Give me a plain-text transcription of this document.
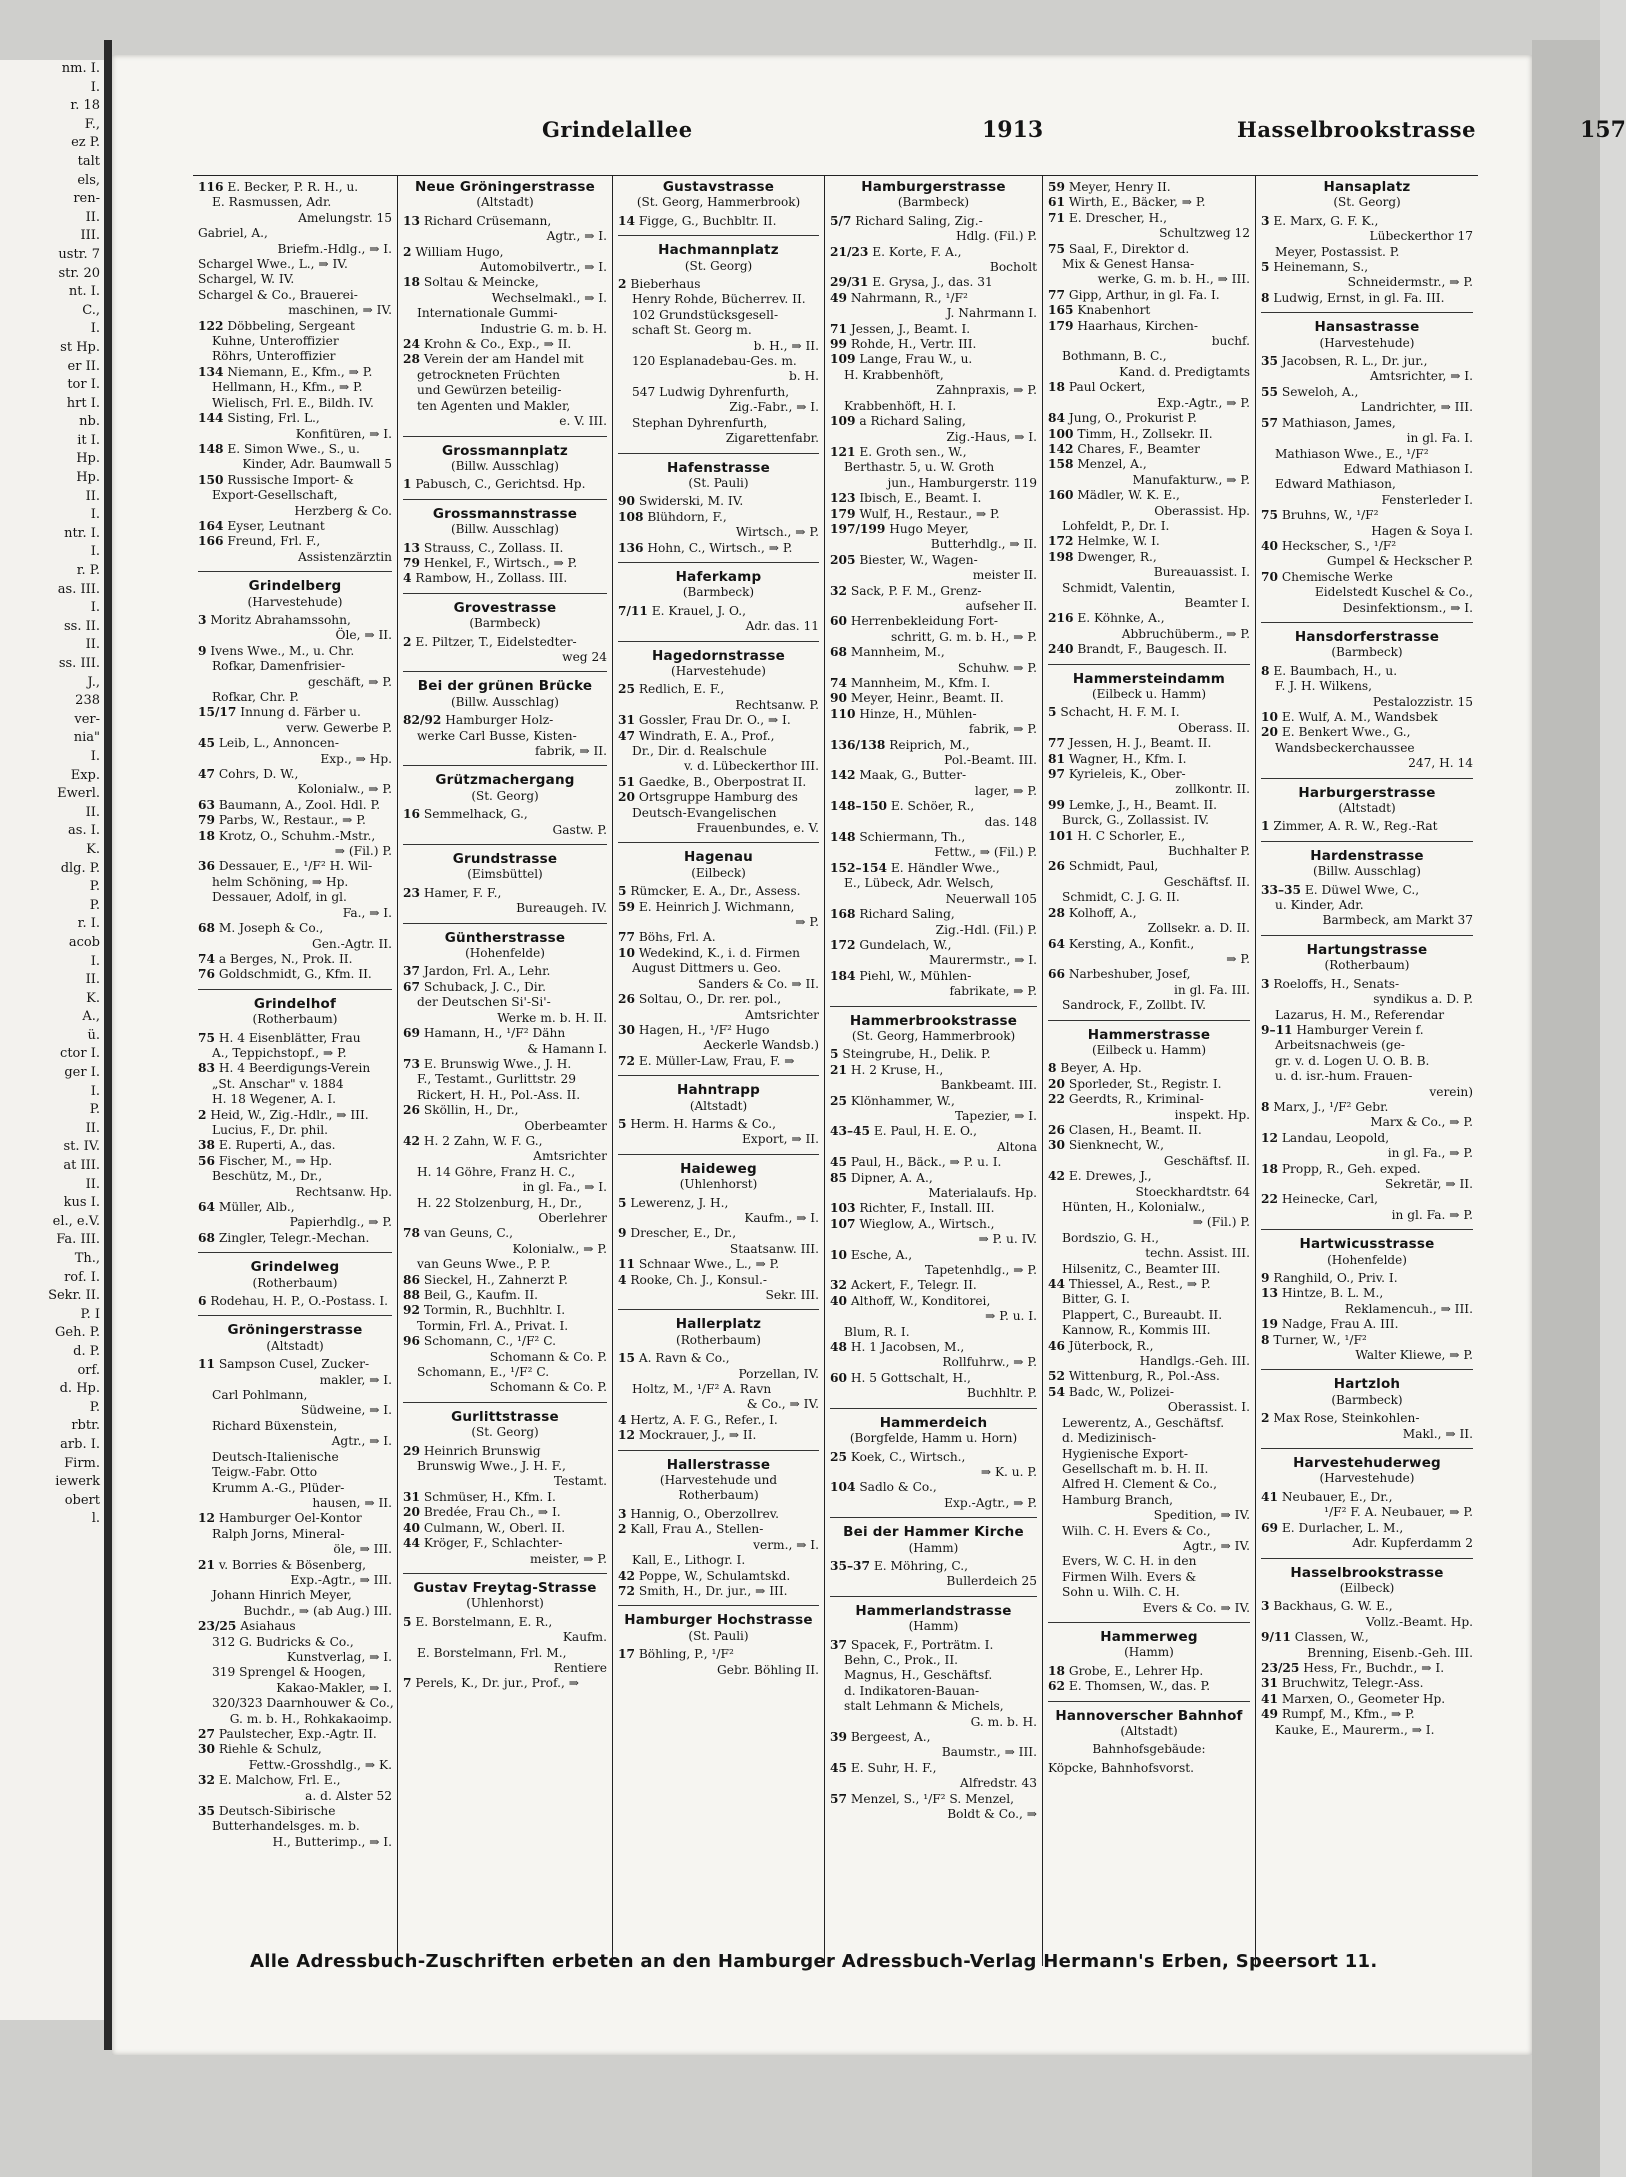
nm. I.
I.
r. 18
F.,
ez P.
talt
els,
ren-
II.
III.
ustr. 7
str. 20
nt. I.
C.,
I.
st Hp.
er II.
tor I.
hrt I.
nb.
it I.
Hp.
Hp.
II.
I.
ntr. I.
I.
r. P.
as. III.
I.
ss. II.
II.
ss. III.
J.,
238
ver-
nia"
I.
Exp.
Ewerl.
II.
as. I.
K.
dlg. P.
P.
P.
r. I.
acob
I.
II.
K.
A.,
ü.
ctor I.
ger I.
I.
P.
II.
st. IV.
at III.
II.
kus I.
el., e.V.
Fa. III.
Th.,
rof. I.
Sekr. II.
P. I
Geh. P.
d. P.
orf.
d. Hp.
P.
rbtr.
arb. I.
Firm.
iewerk
obert
l.
Grindelallee	1913	Hasselbrookstrasse	157
116 E. Becker, P. R. H., u.
E. Rasmussen, Adr.
Amelungstr. 15
Gabriel, A.,
Briefm.-Hdlg., ⇒ I.
Schargel Wwe., L., ⇒ IV.
Schargel, W. IV.
Schargel & Co., Brauerei-
maschinen, ⇒ IV.
122 Döbbeling, Sergeant
Kuhne, Unteroffizier
Röhrs, Unteroffizier
134 Niemann, E., Kfm., ⇒ P.
Hellmann, H., Kfm., ⇒ P.
Wielisch, Frl. E., Bildh. IV.
144 Sisting, Frl. L.,
Konfitüren, ⇒ I.
148 E. Simon Wwe., S., u.
Kinder, Adr. Baumwall 5
150 Russische Import- &
Export-Gesellschaft,
Herzberg & Co.
164 Eyser, Leutnant
166 Freund, Frl. F.,
Assistenzärztin
Grindelberg
(Harvestehude)
3 Moritz Abrahamssohn,
Öle, ⇒ II.
9 Ivens Wwe., M., u. Chr.
Rofkar, Damenfrisier-
geschäft, ⇒ P.
Rofkar, Chr. P.
15/17 Innung d. Färber u.
verw. Gewerbe P.
45 Leib, L., Annoncen-
Exp., ⇒ Hp.
47 Cohrs, D. W.,
Kolonialw., ⇒ P.
63 Baumann, A., Zool. Hdl. P.
79 Parbs, W., Restaur., ⇒ P.
18 Krotz, O., Schuhm.-Mstr.,
⇒ (Fil.) P.
36 Dessauer, E., ¹/F² H. Wil-
helm Schöning, ⇒ Hp.
Dessauer, Adolf, in gl.
Fa., ⇒ I.
68 M. Joseph & Co.,
Gen.-Agtr. II.
74 a Berges, N., Prok. II.
76 Goldschmidt, G., Kfm. II.
Grindelhof
(Rotherbaum)
75 H. 4 Eisenblätter, Frau
A., Teppichstopf., ⇒ P.
83 H. 4 Beerdigungs-Verein
„St. Anschar" v. 1884
H. 18 Wegener, A. I.
2 Heid, W., Zig.-Hdlr., ⇒ III.
Lucius, F., Dr. phil.
38 E. Ruperti, A., das.
56 Fischer, M., ⇒ Hp.
Beschütz, M., Dr.,
Rechtsanw. Hp.
64 Müller, Alb.,
Papierhdlg., ⇒ P.
68 Zingler, Telegr.-Mechan.
Grindelweg
(Rotherbaum)
6 Rodehau, H. P., O.-Postass. I.
Gröningerstrasse
(Altstadt)
11 Sampson Cusel, Zucker-
makler, ⇒ I.
Carl Pohlmann,
Südweine, ⇒ I.
Richard Büxenstein,
Agtr., ⇒ I.
Deutsch-Italienische
Teigw.-Fabr. Otto
Krumm A.-G., Plüder-
hausen, ⇒ II.
12 Hamburger Oel-Kontor
Ralph Jorns, Mineral-
öle, ⇒ III.
21 v. Borries & Bösenberg,
Exp.-Agtr., ⇒ III.
Johann Hinrich Meyer,
Buchdr., ⇒ (ab Aug.) III.
23/25 Asiahaus
312 G. Budricks & Co.,
Kunstverlag, ⇒ I.
319 Sprengel & Hoogen,
Kakao-Makler, ⇒ I.
320/323 Daarnhouwer & Co.,
G. m. b. H., Rohkakaoimp.
27 Paulstecher, Exp.-Agtr. II.
30 Riehle & Schulz,
Fettw.-Grosshdlg., ⇒ K.
32 E. Malchow, Frl. E.,
a. d. Alster 52
35 Deutsch-Sibirische
Butterhandelsges. m. b.
H., Butterimp., ⇒ I.
Neue Gröningerstrasse
(Altstadt)
13 Richard Crüsemann,
Agtr., ⇒ I.
2 William Hugo,
Automobilvertr., ⇒ I.
18 Soltau & Meincke,
Wechselmakl., ⇒ I.
Internationale Gummi-
Industrie G. m. b. H.
24 Krohn & Co., Exp., ⇒ II.
28 Verein der am Handel mit
getrockneten Früchten
und Gewürzen beteilig-
ten Agenten und Makler,
e. V. III.
Grossmannplatz
(Billw. Ausschlag)
1 Pabusch, C., Gerichtsd. Hp.
Grossmannstrasse
(Billw. Ausschlag)
13 Strauss, C., Zollass. II.
79 Henkel, F., Wirtsch., ⇒ P.
4 Rambow, H., Zollass. III.
Grovestrasse
(Barmbeck)
2 E. Piltzer, T., Eidelstedter-
weg 24
Bei der grünen Brücke
(Billw. Ausschlag)
82/92 Hamburger Holz-
werke Carl Busse, Kisten-
fabrik, ⇒ II.
Grützmachergang
(St. Georg)
16 Semmelhack, G.,
Gastw. P.
Grundstrasse
(Eimsbüttel)
23 Hamer, F. F.,
Bureaugeh. IV.
Güntherstrasse
(Hohenfelde)
37 Jardon, Frl. A., Lehr.
67 Schuback, J. C., Dir.
der Deutschen Si'-Si'-
Werke m. b. H. II.
69 Hamann, H., ¹/F² Dähn
& Hamann I.
73 E. Brunswig Wwe., J. H.
F., Testamt., Gurlittstr. 29
Rickert, H. H., Pol.-Ass. II.
26 Sköllin, H., Dr.,
Oberbeamter
42 H. 2 Zahn, W. F. G.,
Amtsrichter
H. 14 Göhre, Franz H. C.,
in gl. Fa., ⇒ I.
H. 22 Stolzenburg, H., Dr.,
Oberlehrer
78 van Geuns, C.,
Kolonialw., ⇒ P.
van Geuns Wwe., P. P.
86 Sieckel, H., Zahnerzt P.
88 Beil, G., Kaufm. II.
92 Tormin, R., Buchhltr. I.
Tormin, Frl. A., Privat. I.
96 Schomann, C., ¹/F² C.
Schomann & Co. P.
Schomann, E., ¹/F² C.
Schomann & Co. P.
Gurlittstrasse
(St. Georg)
29 Heinrich Brunswig
Brunswig Wwe., J. H. F.,
Testamt.
31 Schmüser, H., Kfm. I.
20 Bredée, Frau Ch., ⇒ I.
40 Culmann, W., Oberl. II.
44 Kröger, F., Schlachter-
meister, ⇒ P.
Gustav Freytag-Strasse
(Uhlenhorst)
5 E. Borstelmann, E. R.,
Kaufm.
E. Borstelmann, Frl. M.,
Rentiere
7 Perels, K., Dr. jur., Prof., ⇒
Gustavstrasse
(St. Georg, Hammerbrook)
14 Figge, G., Buchbltr. II.
Hachmannplatz
(St. Georg)
2 Bieberhaus
Henry Rohde, Bücherrev. II.
102 Grundstücksgesell-
schaft St. Georg m.
b. H., ⇒ II.
120 Esplanadebau-Ges. m.
b. H.
547 Ludwig Dyhrenfurth,
Zig.-Fabr., ⇒ I.
Stephan Dyhrenfurth,
Zigarettenfabr.
Hafenstrasse
(St. Pauli)
90 Swiderski, M. IV.
108 Blühdorn, F.,
Wirtsch., ⇒ P.
136 Hohn, C., Wirtsch., ⇒ P.
Haferkamp
(Barmbeck)
7/11 E. Krauel, J. O.,
Adr. das. 11
Hagedornstrasse
(Harvestehude)
25 Redlich, E. F.,
Rechtsanw. P.
31 Gossler, Frau Dr. O., ⇒ I.
47 Windrath, E. A., Prof.,
Dr., Dir. d. Realschule
v. d. Lübeckerthor III.
51 Gaedke, B., Oberpostrat II.
20 Ortsgruppe Hamburg des
Deutsch-Evangelischen
Frauenbundes, e. V.
Hagenau
(Eilbeck)
5 Rümcker, E. A., Dr., Assess.
59 E. Heinrich J. Wichmann,
⇒ P.
77 Böhs, Frl. A.
10 Wedekind, K., i. d. Firmen
August Dittmers u. Geo.
Sanders & Co. ⇒ II.
26 Soltau, O., Dr. rer. pol.,
Amtsrichter
30 Hagen, H., ¹/F² Hugo
Aeckerle Wandsb.)
72 E. Müller-Law, Frau, F. ⇒
Hahntrapp
(Altstadt)
5 Herm. H. Harms & Co.,
Export, ⇒ II.
Haideweg
(Uhlenhorst)
5 Lewerenz, J. H.,
Kaufm., ⇒ I.
9 Drescher, E., Dr.,
Staatsanw. III.
11 Schnaar Wwe., L., ⇒ P.
4 Rooke, Ch. J., Konsul.-
Sekr. III.
Hallerplatz
(Rotherbaum)
15 A. Ravn & Co.,
Porzellan, IV.
Holtz, M., ¹/F² A. Ravn
& Co., ⇒ IV.
4 Hertz, A. F. G., Refer., I.
12 Mockrauer, J., ⇒ II.
Hallerstrasse
(Harvestehude und Rotherbaum)
3 Hannig, O., Oberzollrev.
2 Kall, Frau A., Stellen-
verm., ⇒ I.
Kall, E., Lithogr. I.
42 Poppe, W., Schulamtskd.
72 Smith, H., Dr. jur., ⇒ III.
Hamburger Hochstrasse
(St. Pauli)
17 Böhling, P., ¹/F²
Gebr. Böhling II.
Hamburgerstrasse
(Barmbeck)
5/7 Richard Saling, Zig.-
Hdlg. (Fil.) P.
21/23 E. Korte, F. A.,
Bocholt
29/31 E. Grysa, J., das. 31
49 Nahrmann, R., ¹/F²
J. Nahrmann I.
71 Jessen, J., Beamt. I.
99 Rohde, H., Vertr. III.
109 Lange, Frau W., u.
H. Krabbenhöft,
Zahnpraxis, ⇒ P.
Krabbenhöft, H. I.
109 a Richard Saling,
Zig.-Haus, ⇒ I.
121 E. Groth sen., W.,
Berthastr. 5, u. W. Groth
jun., Hamburgerstr. 119
123 Ibisch, E., Beamt. I.
179 Wulf, H., Restaur., ⇒ P.
197/199 Hugo Meyer,
Butterhdlg., ⇒ II.
205 Biester, W., Wagen-
meister II.
32 Sack, P. F. M., Grenz-
aufseher II.
60 Herrenbekleidung Fort-
schritt, G. m. b. H., ⇒ P.
68 Mannheim, M.,
Schuhw. ⇒ P.
74 Mannheim, M., Kfm. I.
90 Meyer, Heinr., Beamt. II.
110 Hinze, H., Mühlen-
fabrik, ⇒ P.
136/138 Reiprich, M.,
Pol.-Beamt. III.
142 Maak, G., Butter-
lager, ⇒ P.
148–150 E. Schöer, R.,
das. 148
148 Schiermann, Th.,
Fettw., ⇒ (Fil.) P.
152–154 E. Händler Wwe.,
E., Lübeck, Adr. Welsch,
Neuerwall 105
168 Richard Saling,
Zig.-Hdl. (Fil.) P.
172 Gundelach, W.,
Maurermstr., ⇒ I.
184 Piehl, W., Mühlen-
fabrikate, ⇒ P.
Hammerbrookstrasse
(St. Georg, Hammerbrook)
5 Steingrube, H., Delik. P.
21 H. 2 Kruse, H.,
Bankbeamt. III.
25 Klönhammer, W.,
Tapezier, ⇒ I.
43–45 E. Paul, H. E. O.,
Altona
45 Paul, H., Bäck., ⇒ P. u. I.
85 Dipner, A. A.,
Materialaufs. Hp.
103 Richter, F., Install. III.
107 Wieglow, A., Wirtsch.,
⇒ P. u. IV.
10 Esche, A.,
Tapetenhdlg., ⇒ P.
32 Ackert, F., Telegr. II.
40 Althoff, W., Konditorei,
⇒ P. u. I.
Blum, R. I.
48 H. 1 Jacobsen, M.,
Rollfuhrw., ⇒ P.
60 H. 5 Gottschalt, H.,
Buchhltr. P.
Hammerdeich
(Borgfelde, Hamm u. Horn)
25 Koek, C., Wirtsch.,
⇒ K. u. P.
104 Sadlo & Co.,
Exp.-Agtr., ⇒ P.
Bei der Hammer Kirche
(Hamm)
35–37 E. Möhring, C.,
Bullerdeich 25
Hammerlandstrasse
(Hamm)
37 Spacek, F., Porträtm. I.
Behn, C., Prok., II.
Magnus, H., Geschäftsf.
d. Indikatoren-Bauan-
stalt Lehmann & Michels,
G. m. b. H.
39 Bergeest, A.,
Baumstr., ⇒ III.
45 E. Suhr, H. F.,
Alfredstr. 43
57 Menzel, S., ¹/F² S. Menzel,
Boldt & Co., ⇒
59 Meyer, Henry II.
61 Wirth, E., Bäcker, ⇒ P.
71 E. Drescher, H.,
Schultzweg 12
75 Saal, F., Direktor d.
Mix & Genest Hansa-
werke, G. m. b. H., ⇒ III.
77 Gipp, Arthur, in gl. Fa. I.
165 Knabenhort
179 Haarhaus, Kirchen-
buchf.
Bothmann, B. C.,
Kand. d. Predigtamts
18 Paul Ockert,
Exp.-Agtr., ⇒ P.
84 Jung, O., Prokurist P.
100 Timm, H., Zollsekr. II.
142 Chares, F., Beamter
158 Menzel, A.,
Manufakturw., ⇒ P.
160 Mädler, W. K. E.,
Oberassist. Hp.
Lohfeldt, P., Dr. I.
172 Helmke, W. I.
198 Dwenger, R.,
Bureauassist. I.
Schmidt, Valentin,
Beamter I.
216 E. Köhnke, A.,
Abbruchüberm., ⇒ P.
240 Brandt, F., Baugesch. II.
Hammersteindamm
(Eilbeck u. Hamm)
5 Schacht, H. F. M. I.
Oberass. II.
77 Jessen, H. J., Beamt. II.
81 Wagner, H., Kfm. I.
97 Kyrieleis, K., Ober-
zollkontr. II.
99 Lemke, J., H., Beamt. II.
Burck, G., Zollassist. IV.
101 H. C Schorler, E.,
Buchhalter P.
26 Schmidt, Paul,
Geschäftsf. II.
Schmidt, C. J. G. II.
28 Kolhoff, A.,
Zollsekr. a. D. II.
64 Kersting, A., Konfit.,
⇒ P.
66 Narbeshuber, Josef,
in gl. Fa. III.
Sandrock, F., Zollbt. IV.
Hammerstrasse
(Eilbeck u. Hamm)
8 Beyer, A. Hp.
20 Sporleder, St., Registr. I.
22 Geerdts, R., Kriminal-
inspekt. Hp.
26 Clasen, H., Beamt. II.
30 Sienknecht, W.,
Geschäftsf. II.
42 E. Drewes, J.,
Stoeckhardtstr. 64
Hünten, H., Kolonialw.,
⇒ (Fil.) P.
Bordszio, G. H.,
techn. Assist. III.
Hilsenitz, C., Beamter III.
44 Thiessel, A., Rest., ⇒ P.
Bitter, G. I.
Plappert, C., Bureaubt. II.
Kannow, R., Kommis III.
46 Jüterbock, R.,
Handlgs.-Geh. III.
52 Wittenburg, R., Pol.-Ass.
54 Badc, W., Polizei-
Oberassist. I.
Lewerentz, A., Geschäftsf.
d. Medizinisch-
Hygienische Export-
Gesellschaft m. b. H. II.
Alfred H. Clement & Co.,
Hamburg Branch,
Spedition, ⇒ IV.
Wilh. C. H. Evers & Co.,
Agtr., ⇒ IV.
Evers, W. C. H. in den
Firmen Wilh. Evers &
Sohn u. Wilh. C. H.
Evers & Co. ⇒ IV.
Hammerweg
(Hamm)
18 Grobe, E., Lehrer Hp.
62 E. Thomsen, W., das. P.
Hannoverscher Bahnhof
(Altstadt)
Bahnhofsgebäude:
Köpcke, Bahnhofsvorst.
Hansaplatz
(St. Georg)
3 E. Marx, G. F. K.,
Lübeckerthor 17
Meyer, Postassist. P.
5 Heinemann, S.,
Schneidermstr., ⇒ P.
8 Ludwig, Ernst, in gl. Fa. III.
Hansastrasse
(Harvestehude)
35 Jacobsen, R. L., Dr. jur.,
Amtsrichter, ⇒ I.
55 Seweloh, A.,
Landrichter, ⇒ III.
57 Mathiason, James,
in gl. Fa. I.
Mathiason Wwe., E., ¹/F²
Edward Mathiason I.
Edward Mathiason,
Fensterleder I.
75 Bruhns, W., ¹/F²
Hagen & Soya I.
40 Heckscher, S., ¹/F²
Gumpel & Heckscher P.
70 Chemische Werke
Eidelstedt Kuschel & Co.,
Desinfektionsm., ⇒ I.
Hansdorferstrasse
(Barmbeck)
8 E. Baumbach, H., u.
F. J. H. Wilkens,
Pestalozzistr. 15
10 E. Wulf, A. M., Wandsbek
20 E. Benkert Wwe., G.,
Wandsbeckerchaussee
247, H. 14
Harburgerstrasse
(Altstadt)
1 Zimmer, A. R. W., Reg.-Rat
Hardenstrasse
(Billw. Ausschlag)
33–35 E. Düwel Wwe, C.,
u. Kinder, Adr.
Barmbeck, am Markt 37
Hartungstrasse
(Rotherbaum)
3 Roeloffs, H., Senats-
syndikus a. D. P.
Lazarus, H. M., Referendar
9–11 Hamburger Verein f.
Arbeitsnachweis (ge-
gr. v. d. Logen U. O. B. B.
u. d. isr.-hum. Frauen-
verein)
8 Marx, J., ¹/F² Gebr.
Marx & Co., ⇒ P.
12 Landau, Leopold,
in gl. Fa., ⇒ P.
18 Propp, R., Geh. exped.
Sekretär, ⇒ II.
22 Heinecke, Carl,
in gl. Fa. ⇒ P.
Hartwicusstrasse
(Hohenfelde)
9 Ranghild, O., Priv. I.
13 Hintze, B. L. M.,
Reklamencuh., ⇒ III.
19 Nadge, Frau A. III.
8 Turner, W., ¹/F²
Walter Kliewe, ⇒ P.
Hartzloh
(Barmbeck)
2 Max Rose, Steinkohlen-
Makl., ⇒ II.
Harvestehuderweg
(Harvestehude)
41 Neubauer, E., Dr.,
¹/F² F. A. Neubauer, ⇒ P.
69 E. Durlacher, L. M.,
Adr. Kupferdamm 2
Hasselbrookstrasse
(Eilbeck)
3 Backhaus, G. W. E.,
Vollz.-Beamt. Hp.
9/11 Classen, W.,
Brenning, Eisenb.-Geh. III.
23/25 Hess, Fr., Buchdr., ⇒ I.
31 Bruchwitz, Telegr.-Ass.
41 Marxen, O., Geometer Hp.
49 Rumpf, M., Kfm., ⇒ P.
Kauke, E., Maurerm., ⇒ I.
Alle Adressbuch-Zuschriften erbeten an den Hamburger Adressbuch-Verlag Hermann's Erben, Speersort 11.
